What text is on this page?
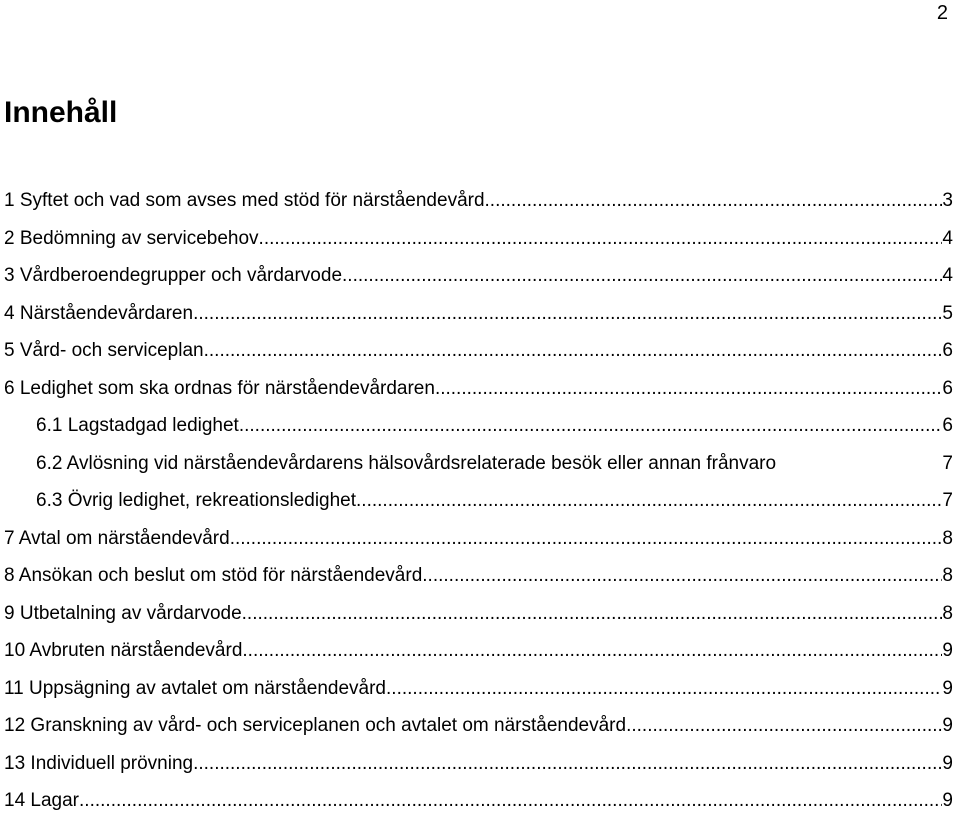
2
Innehåll
1 Syftet och vad som avses med stöd för närståendevård .....	3
2 Bedömning av servicebehov .....	4
3 Vårdberoendegrupper och vårdarvode .....	4
4 Närståendevårdaren .....	5
5 Vård- och serviceplan .....	6
6 Ledighet som ska ordnas för närståendevårdaren .....	6
6.1 Lagstadgad ledighet .....	6
6.2 Avlösning vid närståendevårdarens hälsovårdsrelaterade besök eller annan frånvaro	7
6.3 Övrig ledighet, rekreationsledighet .....	7
7 Avtal om närståendevård .....	8
8 Ansökan och beslut om stöd för närståendevård .....	8
9 Utbetalning av vårdarvode .....	8
10 Avbruten närståendevård .....	9
11 Uppsägning av avtalet om närståendevård .....	9
12 Granskning av vård- och serviceplanen och avtalet om närståendevård .....	9
13 Individuell prövning .....	9
14 Lagar .....	9
